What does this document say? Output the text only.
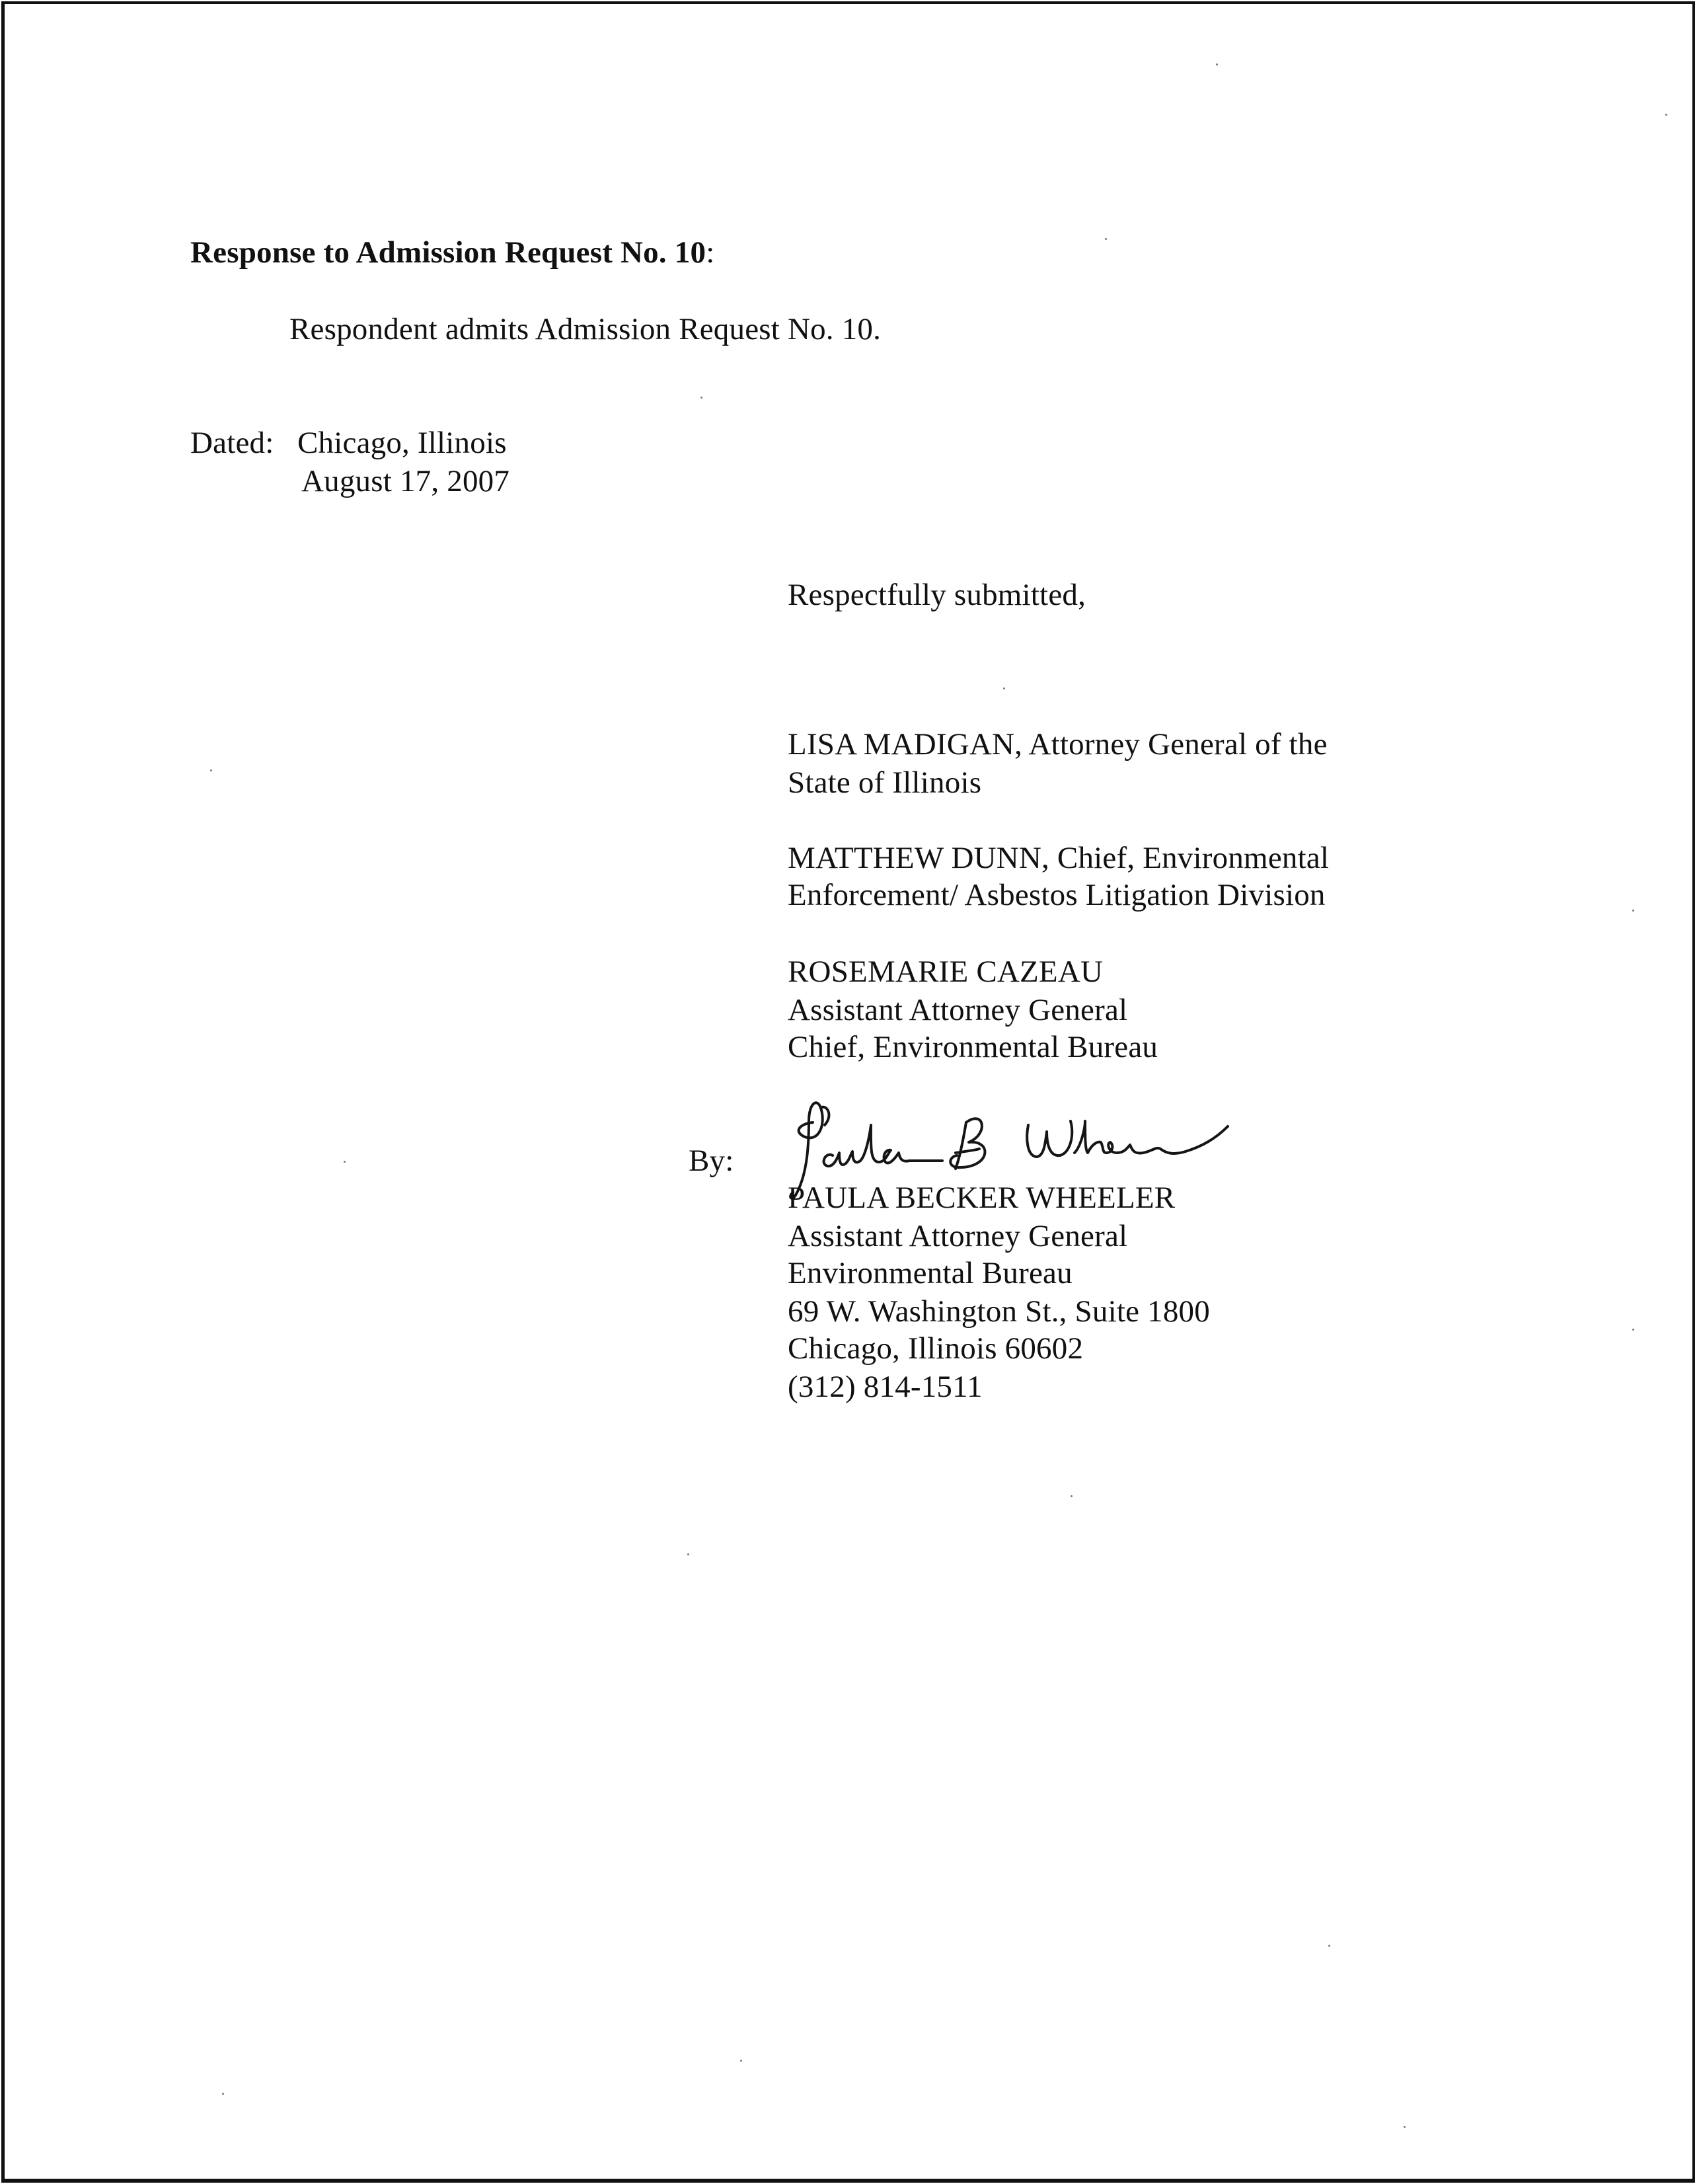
Response to Admission Request No. 10:
Respondent admits Admission Request No. 10.
Dated: Chicago, Illinois
August 17, 2007
Respectfully submitted,
LISA MADIGAN, Attorney General of the
State of Illinois
MATTHEW DUNN, Chief, Environmental
Enforcement/ Asbestos Litigation Division
ROSEMARIE CAZEAU
Assistant Attorney General
Chief, Environmental Bureau
By:
PAULA BECKER WHEELER
Assistant Attorney General
Environmental Bureau
69 W. Washington St., Suite 1800
Chicago, Illinois 60602
(312) 814-1511
